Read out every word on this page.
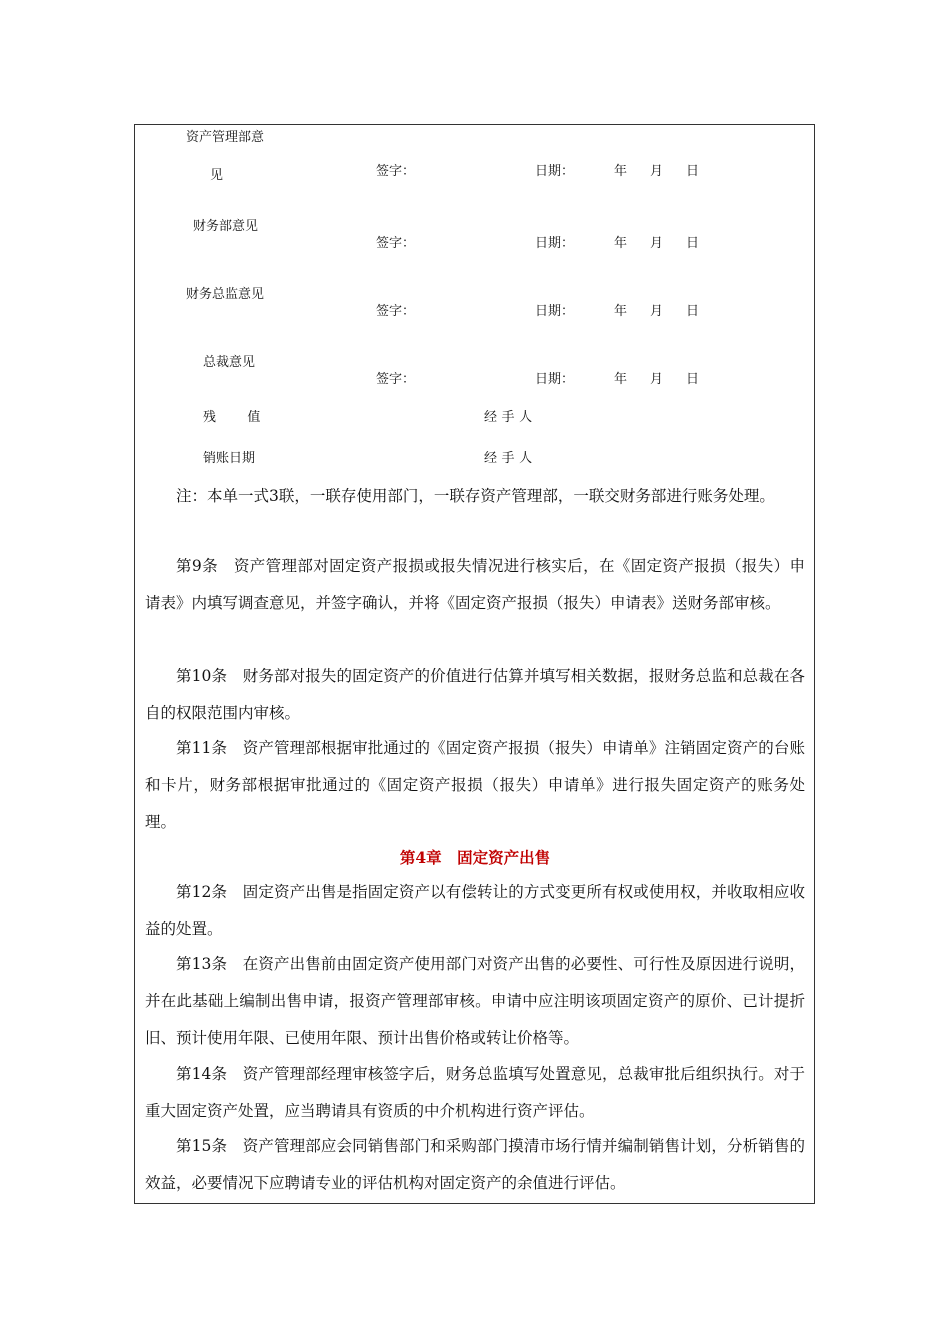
资产管理部意
见	签字：	日期：	年 月 日
财务部意见
签字：	日期：	年 月 日
财务总监意见
签字：	日期：	年 月 日
总裁意见
签字：	日期：	年 月 日
残 值	经手人
销账日期	经手人
注：本单一式3联，一联存使用部门，一联存资产管理部，一联交财务部进行账务处理。
第9条　资产管理部对固定资产报损或报失情况进行核实后，在《固定资产报损（报失）申请表》内填写调查意见，并签字确认，并将《固定资产报损（报失）申请表》送财务部审核。
第10条　财务部对报失的固定资产的价值进行估算并填写相关数据，报财务总监和总裁在各自的权限范围内审核。
第11条　资产管理部根据审批通过的《固定资产报损（报失）申请单》注销固定资产的台账和卡片，财务部根据审批通过的《固定资产报损（报失）申请单》进行报失固定资产的账务处理。
第4章　固定资产出售
第12条　固定资产出售是指固定资产以有偿转让的方式变更所有权或使用权，并收取相应收益的处置。
第13条　在资产出售前由固定资产使用部门对资产出售的必要性、可行性及原因进行说明，并在此基础上编制出售申请，报资产管理部审核。申请中应注明该项固定资产的原价、已计提折旧、预计使用年限、已使用年限、预计出售价格或转让价格等。
第14条　资产管理部经理审核签字后，财务总监填写处置意见，总裁审批后组织执行。对于重大固定资产处置，应当聘请具有资质的中介机构进行资产评估。
第15条　资产管理部应会同销售部门和采购部门摸清市场行情并编制销售计划，分析销售的效益，必要情况下应聘请专业的评估机构对固定资产的余值进行评估。
